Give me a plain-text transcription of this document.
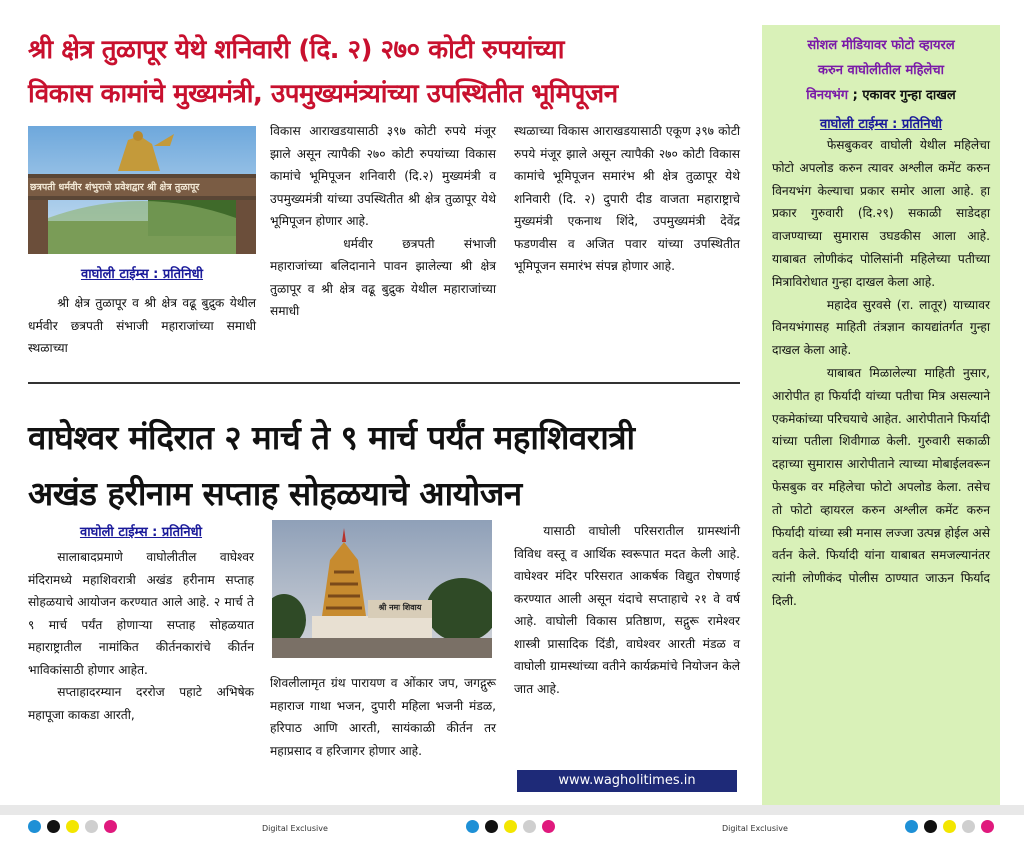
श्री क्षेत्र तुळापूर येथे शनिवारी (दि. २) २७० कोटी रुपयांच्या
विकास कामांचे मुख्यमंत्री, उपमुख्यमंत्र्यांच्या उपस्थितीत भूमिपूजन
छत्रपती धर्मवीर शंभुराजे प्रवेशद्वार श्री क्षेत्र तुळापूर
वाघोली टाईम्स : प्रतिनिधी

श्री क्षेत्र तुळापूर व श्री क्षेत्र वढू बुद्रुक येथील धर्मवीर छत्रपती संभाजी महाराजांच्या समाधी स्थळाच्या

विकास आराखडयासाठी ३९७ कोटी रुपये मंजूर झाले असून त्यापैकी २७० कोटी रुपयांच्या विकास कामांचे भूमिपूजन शनिवारी (दि.२) मुख्यमंत्री व उपमुख्यमंत्री यांच्या उपस्थितीत श्री क्षेत्र तुळापूर येथे भूमिपूजन होणार आहे.

धर्मवीर छत्रपती संभाजी महाराजांच्या बलिदानाने पावन झालेल्या श्री क्षेत्र तुळापूर व श्री क्षेत्र वढू बुद्रुक येथील महाराजांच्या समाधी

स्थळाच्या विकास आराखडयासाठी एकूण ३९७ कोटी रुपये मंजूर झाले असून त्यापैकी २७० कोटी विकास कामांचे भूमिपूजन समारंभ श्री क्षेत्र तुळापूर येथे शनिवारी (दि. २) दुपारी दीड वाजता महाराष्ट्राचे मुख्यमंत्री एकनाथ शिंदे, उपमुख्यमंत्री देवेंद्र फडणवीस व अजित पवार यांच्या उपस्थितीत भूमिपूजन समारंभ संपन्न होणार आहे.

वाघेश्वर मंदिरात २ मार्च ते ९ मार्च पर्यंत महाशिवरात्री
अखंड हरीनाम सप्ताह सोहळयाचे आयोजन
वाघोली टाईम्स : प्रतिनिधी

सालाबादप्रमाणे वाघोलीतील वाघेश्वर मंदिरामध्ये महाशिवरात्री अखंड हरीनाम सप्ताह सोहळयाचे आयोजन करण्यात आले आहे. २ मार्च ते ९ मार्च पर्यंत होणाऱ्या सप्ताह सोहळयात महाराष्ट्रातील नामांकित कीर्तनकारांचे कीर्तन भाविकांसाठी होणार आहेत.

सप्ताहादरम्यान दररोज पहाटे अभिषेक महापूजा काकडा आरती,

श्री नमः शिवाय

शिवलीलामृत ग्रंथ पारायण व ओंकार जप, जगद्गुरू महाराज गाथा भजन, दुपारी महिला भजनी मंडळ, हरिपाठ आणि आरती, सायंकाळी कीर्तन तर महाप्रसाद व हरिजागर होणार आहे.

यासाठी वाघोली परिसरातील ग्रामस्थांनी विविध वस्तू व आर्थिक स्वरूपात मदत केली आहे. वाघेश्वर मंदिर परिसरात आकर्षक विद्युत रोषणाई करण्यात आली असून यंदाचे सप्ताहाचे २१ वे वर्ष आहे. वाघोली विकास प्रतिष्ठाण, सद्गुरू रामेश्वर शास्त्री प्रासादिक दिंडी, वाघेश्वर आरती मंडळ व वाघोली ग्रामस्थांच्या वतीने कार्यक्रमांचे नियोजन केले जात आहे.

www.wagholitimes.in
सोशल मीडियावर फोटो व्हायरल
करुन वाघोलीतील महिलेचा
विनयभंग ; एकावर गुन्हा दाखल
वाघोली टाईम्स : प्रतिनिधी

फेसबुकवर वाघोली येथील महिलेचा फोटो अपलोड करुन त्यावर अश्लील कमेंट करुन विनयभंग केल्याचा प्रकार समोर आला आहे. हा प्रकार गुरुवारी (दि.२९) सकाळी साडेदहा वाजण्याच्या सुमारास उघडकीस आला आहे. याबाबत लोणीकंद पोलिसांनी महिलेच्या पतीच्या मित्राविरोधात गुन्हा दाखल केला आहे.

महादेव सुरवसे (रा. लातूर) याच्यावर विनयभंगासह माहिती तंत्रज्ञान कायद्यांतर्गत गुन्हा दाखल केला आहे.

याबाबत मिळालेल्या माहिती नुसार, आरोपीत हा फिर्यादी यांच्या पतीचा मित्र असल्याने एकमेकांच्या परिचयाचे आहेत. आरोपीताने फिर्यादी यांच्या पतीला शिवीगाळ केली. गुरुवारी सकाळी दहाच्या सुमारास आरोपीताने त्याच्या मोबाईलवरून फेसबुक वर महिलेचा फोटो अपलोड केला. तसेच तो फोटो व्हायरल करुन अश्लील कमेंट करुन फिर्यादी यांच्या स्त्री मनास लज्जा उत्पन्न होईल असे वर्तन केले. फिर्यादी यांना याबाबत समजल्यानंतर त्यांनी लोणीकंद पोलीस ठाण्यात जाऊन फिर्याद दिली.

Digital Exclusive	Digital Exclusive
